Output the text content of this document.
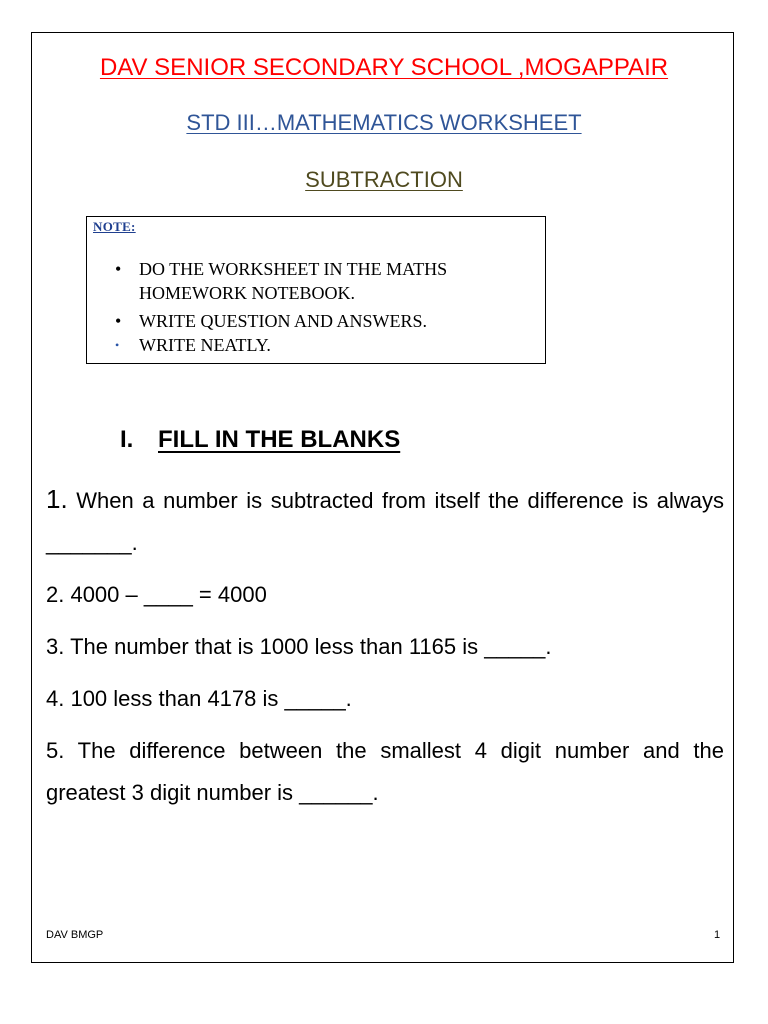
DAV SENIOR SECONDARY SCHOOL ,MOGAPPAIR
STD III…MATHEMATICS WORKSHEET
SUBTRACTION
NOTE:
• DO THE WORKSHEET IN THE MATHS HOMEWORK NOTEBOOK.
• WRITE QUESTION AND ANSWERS.
• WRITE NEATLY.
I. FILL IN THE BLANKS

1. When a number is subtracted from itself the difference is always _______.

2. 4000 – ____ = 4000

3. The number that is 1000 less than 1165 is _____.

4. 100 less than 4178 is _____.

5. The difference between the smallest 4 digit number and the greatest 3 digit number is ______.

DAV BMGP	1
